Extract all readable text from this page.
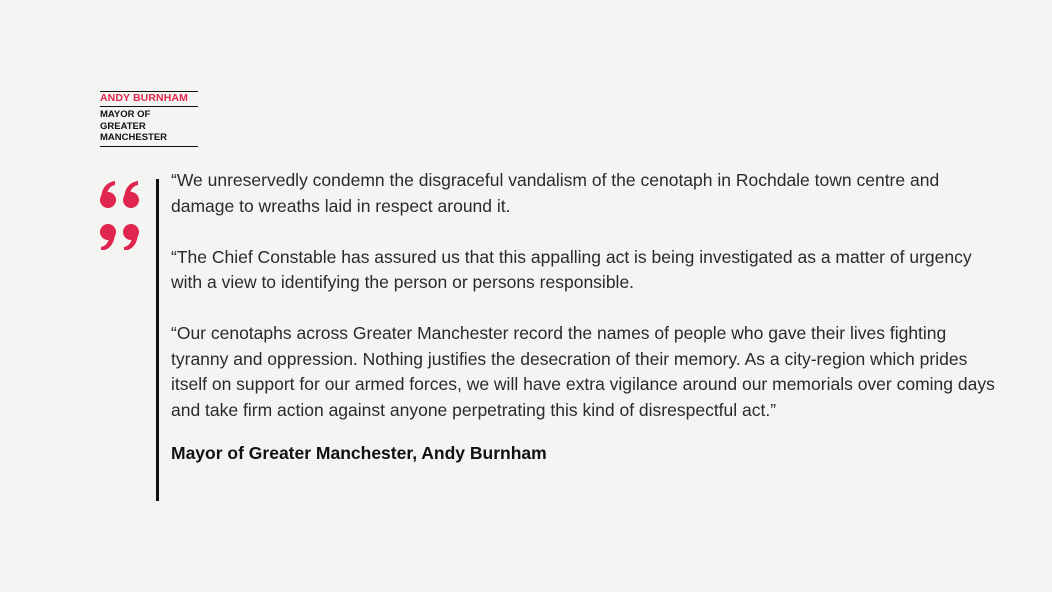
ANDY BURNHAM
MAYOR OF
GREATER
MANCHESTER

“We unreservedly condemn the disgraceful vandalism of the cenotaph in Rochdale town centre and damage to wreaths laid in respect around it.

“The Chief Constable has assured us that this appalling act is being investigated as a matter of urgency with a view to identifying the person or persons responsible.

“Our cenotaphs across Greater Manchester record the names of people who gave their lives fighting tyranny and oppression. Nothing justifies the desecration of their memory. As a city-region which prides itself on support for our armed forces, we will have extra vigilance around our memorials over coming days and take firm action against anyone perpetrating this kind of disrespectful act.”

Mayor of Greater Manchester, Andy Burnham
